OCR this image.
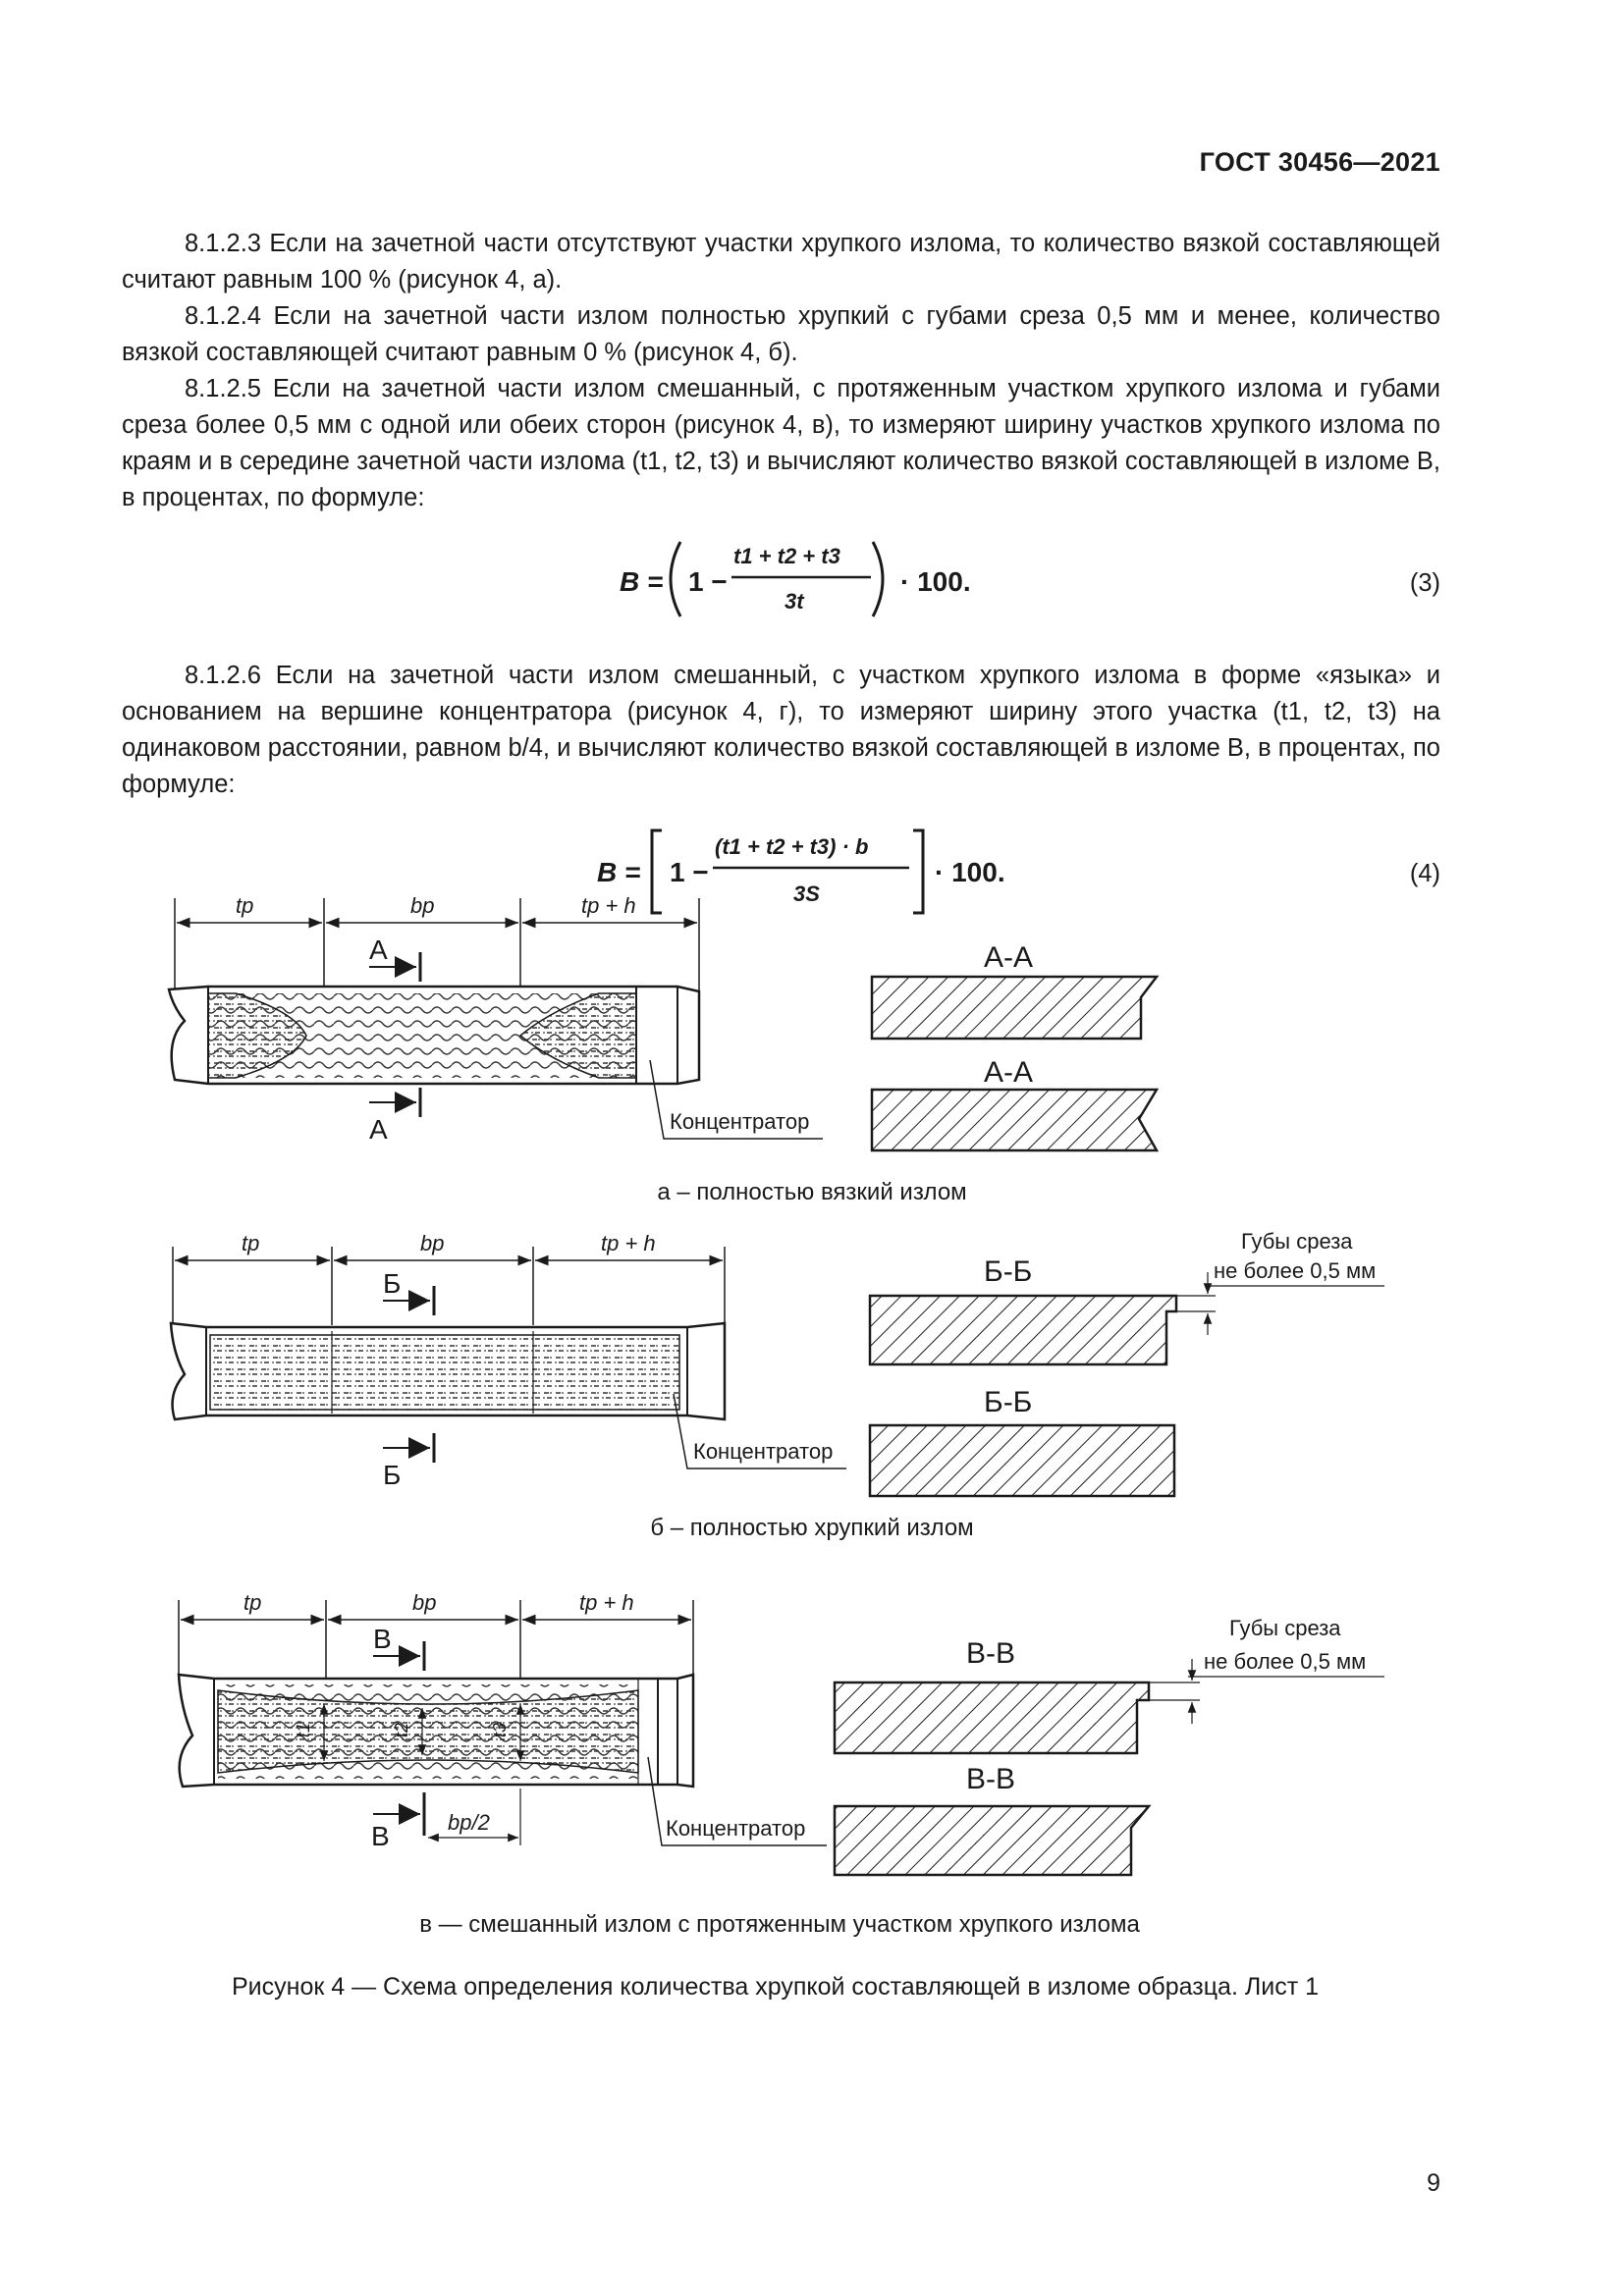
ГОСТ 30456—2021

8.1.2.3 Если на зачетной части отсутствуют участки хрупкого излома, то количество вязкой составляющей считают равным 100 % (рисунок 4, а).

8.1.2.4 Если на зачетной части излом полностью хрупкий с губами среза 0,5 мм и менее, количество вязкой составляющей считают равным 0 % (рисунок 4, б).

8.1.2.5 Если на зачетной части излом смешанный, с протяженным участком хрупкого излома и губами среза более 0,5 мм с одной или обеих сторон (рисунок 4, в), то измеряют ширину участков хрупкого излома по краям и в середине зачетной части излома (t1, t2, t3) и вычисляют количество вязкой составляющей в изломе B, в процентах, по формуле:

B = 1 −
t1 + t2 + t3
3t
· 100.	(3)

8.1.2.6 Если на зачетной части излом смешанный, с участком хрупкого излома в форме «языка» и основанием на вершине концентратора (рисунок 4, г), то измеряют ширину этого участка (t1, t2, t3) на одинаковом расстоянии, равном b/4, и вычисляют количество вязкой составляющей в изломе B, в процентах, по формуле:

B = 1 −
(t1 + t2 + t3) · b
3S
· 100.	(4)
tр	bр	tр + h
А
А	Концентратор
А-А
А-А
а – полностью вязкий излом
tр	bр	tр + h
Б
Б
Концентратор
Б-Б
Б-Б
Губы среза
не более 0,5 мм
б – полностью хрупкий излом
tр	bр	tр + h
t1	t2	t3
В
В	bр/2	Концентратор
В-В
В-В
Губы среза
не более 0,5 мм
в — смешанный излом с протяженным участком хрупкого излома
Рисунок 4 — Схема определения количества хрупкой составляющей в изломе образца. Лист 1
9
